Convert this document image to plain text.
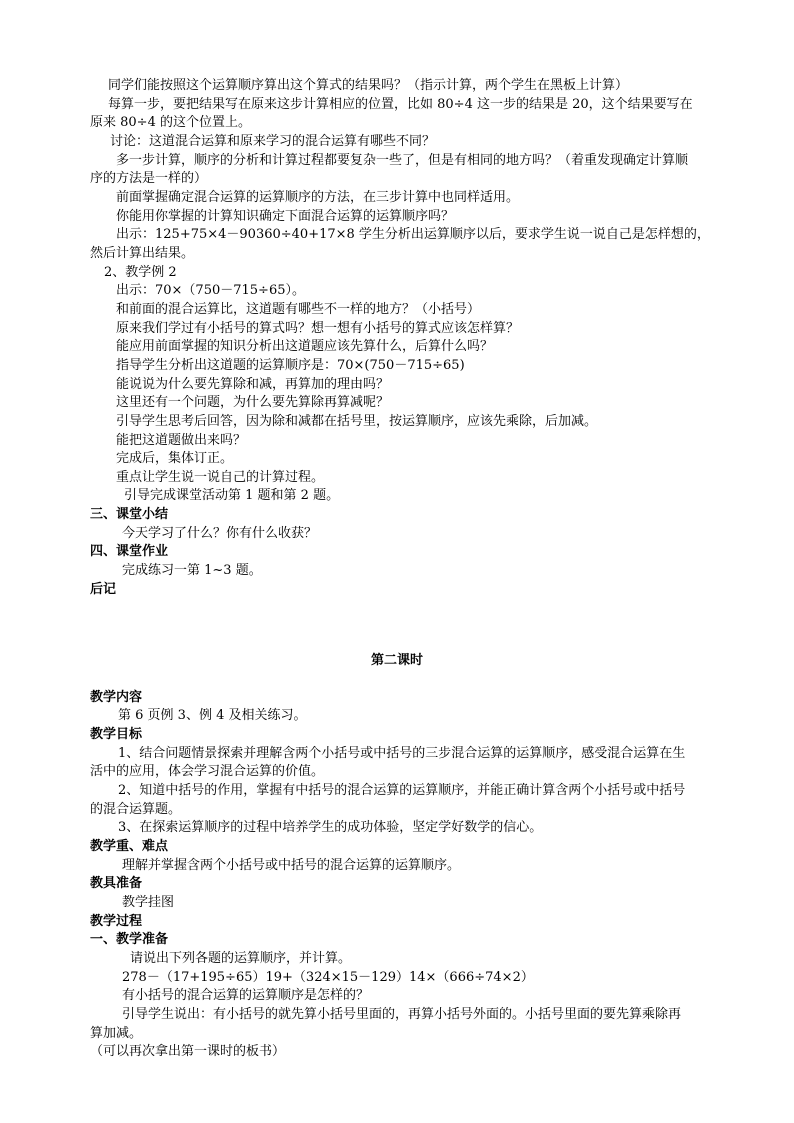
同学们能按照这个运算顺序算出这个算式的结果吗？（指示计算，两个学生在黑板上计算）
每算一步，要把结果写在原来这步计算相应的位置，比如 80÷4 这一步的结果是 20，这个结果要写在
原来 80÷4 的这个位置上。
讨论：这道混合运算和原来学习的混合运算有哪些不同？
多一步计算，顺序的分析和计算过程都要复杂一些了，但是有相同的地方吗？（着重发现确定计算顺
序的方法是一样的）
前面掌握确定混合运算的运算顺序的方法，在三步计算中也同样适用。
你能用你掌握的计算知识确定下面混合运算的运算顺序吗？
出示：125+75×4－90360÷40+17×8 学生分析出运算顺序以后，要求学生说一说自己是怎样想的，
然后计算出结果。
2、教学例 2
出示：70×（750－715÷65）。
和前面的混合运算比，这道题有哪些不一样的地方？（小括号）
原来我们学过有小括号的算式吗？想一想有小括号的算式应该怎样算？
能应用前面掌握的知识分析出这道题应该先算什么，后算什么吗？
指导学生分析出这道题的运算顺序是：70×(750－715÷65)
能说说为什么要先算除和减，再算加的理由吗？
这里还有一个问题，为什么要先算除再算减呢？
引导学生思考后回答，因为除和减都在括号里，按运算顺序，应该先乘除，后加减。
能把这道题做出来吗？
完成后，集体订正。
重点让学生说一说自己的计算过程。
引导完成课堂活动第 1 题和第 2 题。
三、课堂小结
今天学习了什么？你有什么收获？
四、课堂作业
完成练习一第 1~3 题。
后记
第二课时
教学内容
第 6 页例 3、例 4 及相关练习。
教学目标
1、结合问题情景探索并理解含两个小括号或中括号的三步混合运算的运算顺序，感受混合运算在生
活中的应用，体会学习混合运算的价值。
2、知道中括号的作用，掌握有中括号的混合运算的运算顺序，并能正确计算含两个小括号或中括号
的混合运算题。
3、在探索运算顺序的过程中培养学生的成功体验，坚定学好数学的信心。
教学重、难点
理解并掌握含两个小括号或中括号的混合运算的运算顺序。
教具准备
教学挂图
教学过程
一、教学准备
请说出下列各题的运算顺序，并计算。
278－（17+195÷65）19+（324×15－129）14×（666÷74×2）
有小括号的混合运算的运算顺序是怎样的？
引导学生说出：有小括号的就先算小括号里面的，再算小括号外面的。小括号里面的要先算乘除再
算加减。
（可以再次拿出第一课时的板书）
